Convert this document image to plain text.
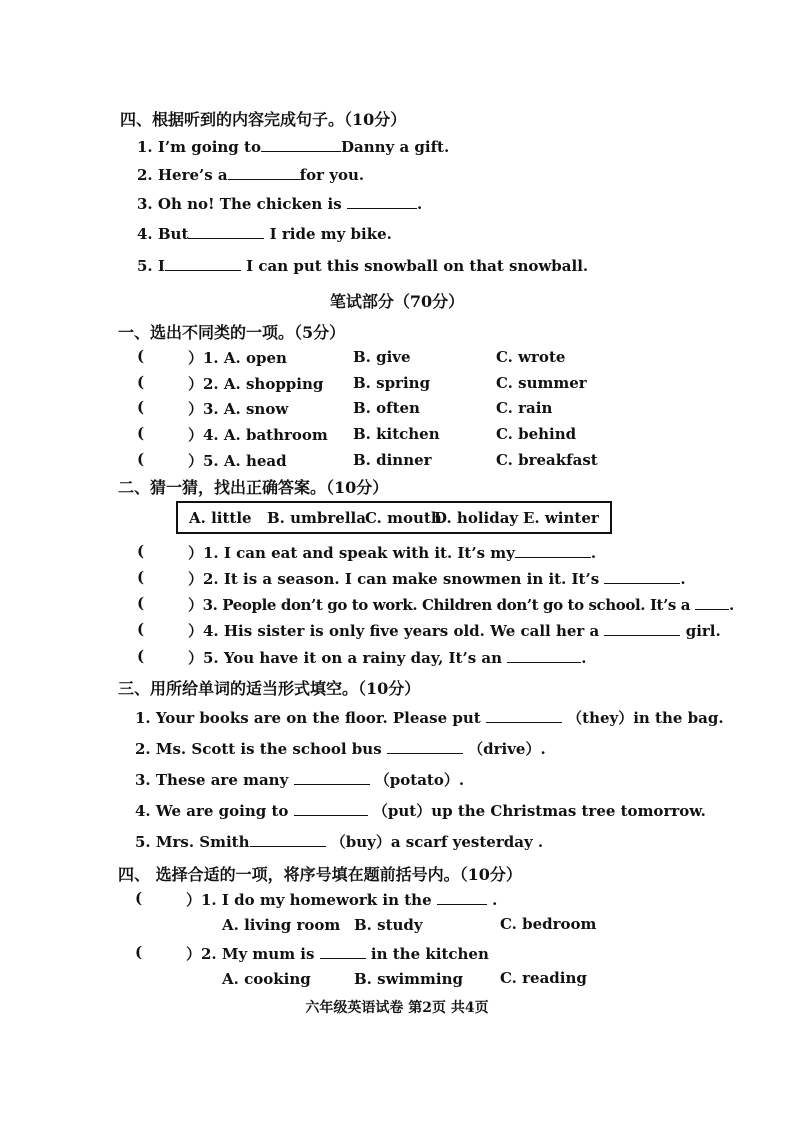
四、根据听到的内容完成句子。（10分）
1. I’m going to	Danny a gift.
2. Here’s a	for you.
3. Oh no! The chicken is	.
4. But	I ride my bike.
5. I	I can put this snowball on that snowball.
笔试部分（70分）
一、选出不同类的一项。（5分）
(	）1. A. open	B. give	C. wrote
(	）2. A. shopping B. spring	C. summer
(	）3. A. snow	B. often	C. rain
(	）4. A. bathroom B. kitchen	C. behind
(	）5. A. head	B. dinner	C. breakfast
二、猜一猜，找出正确答案。（10分）
A. little B. umbrella C. mouth
D. holiday E. winter
(	）1. I can eat and speak with it. It’s my	.
(	）2. It is a season. I can make snowmen in it. It’s	.
(	）3. People don’t go to work. Children don’t go to school. It’s a	.
(	）4. His sister is only five years old. We call her a	girl.
(	）5. You have it on a rainy day, It’s an	.
三、用所给单词的适当形式填空。（10分）
1. Your books are on the floor. Please put	（they）in the bag.
2. Ms. Scott is the school bus	（drive）.
3. These are many	（potato）.
4. We are going to	（put）up the Christmas tree tomorrow.
5. Mrs. Smith	（buy）a scarf yesterday .
四、 选择合适的一项，将序号填在题前括号内。（10分）
(	）1. I do my homework in the	.
A. living room B. study	C. bedroom
(	）2. My mum is	in the kitchen
A. cooking	B. swimming C. reading
六年级英语试卷 第2页 共4页
